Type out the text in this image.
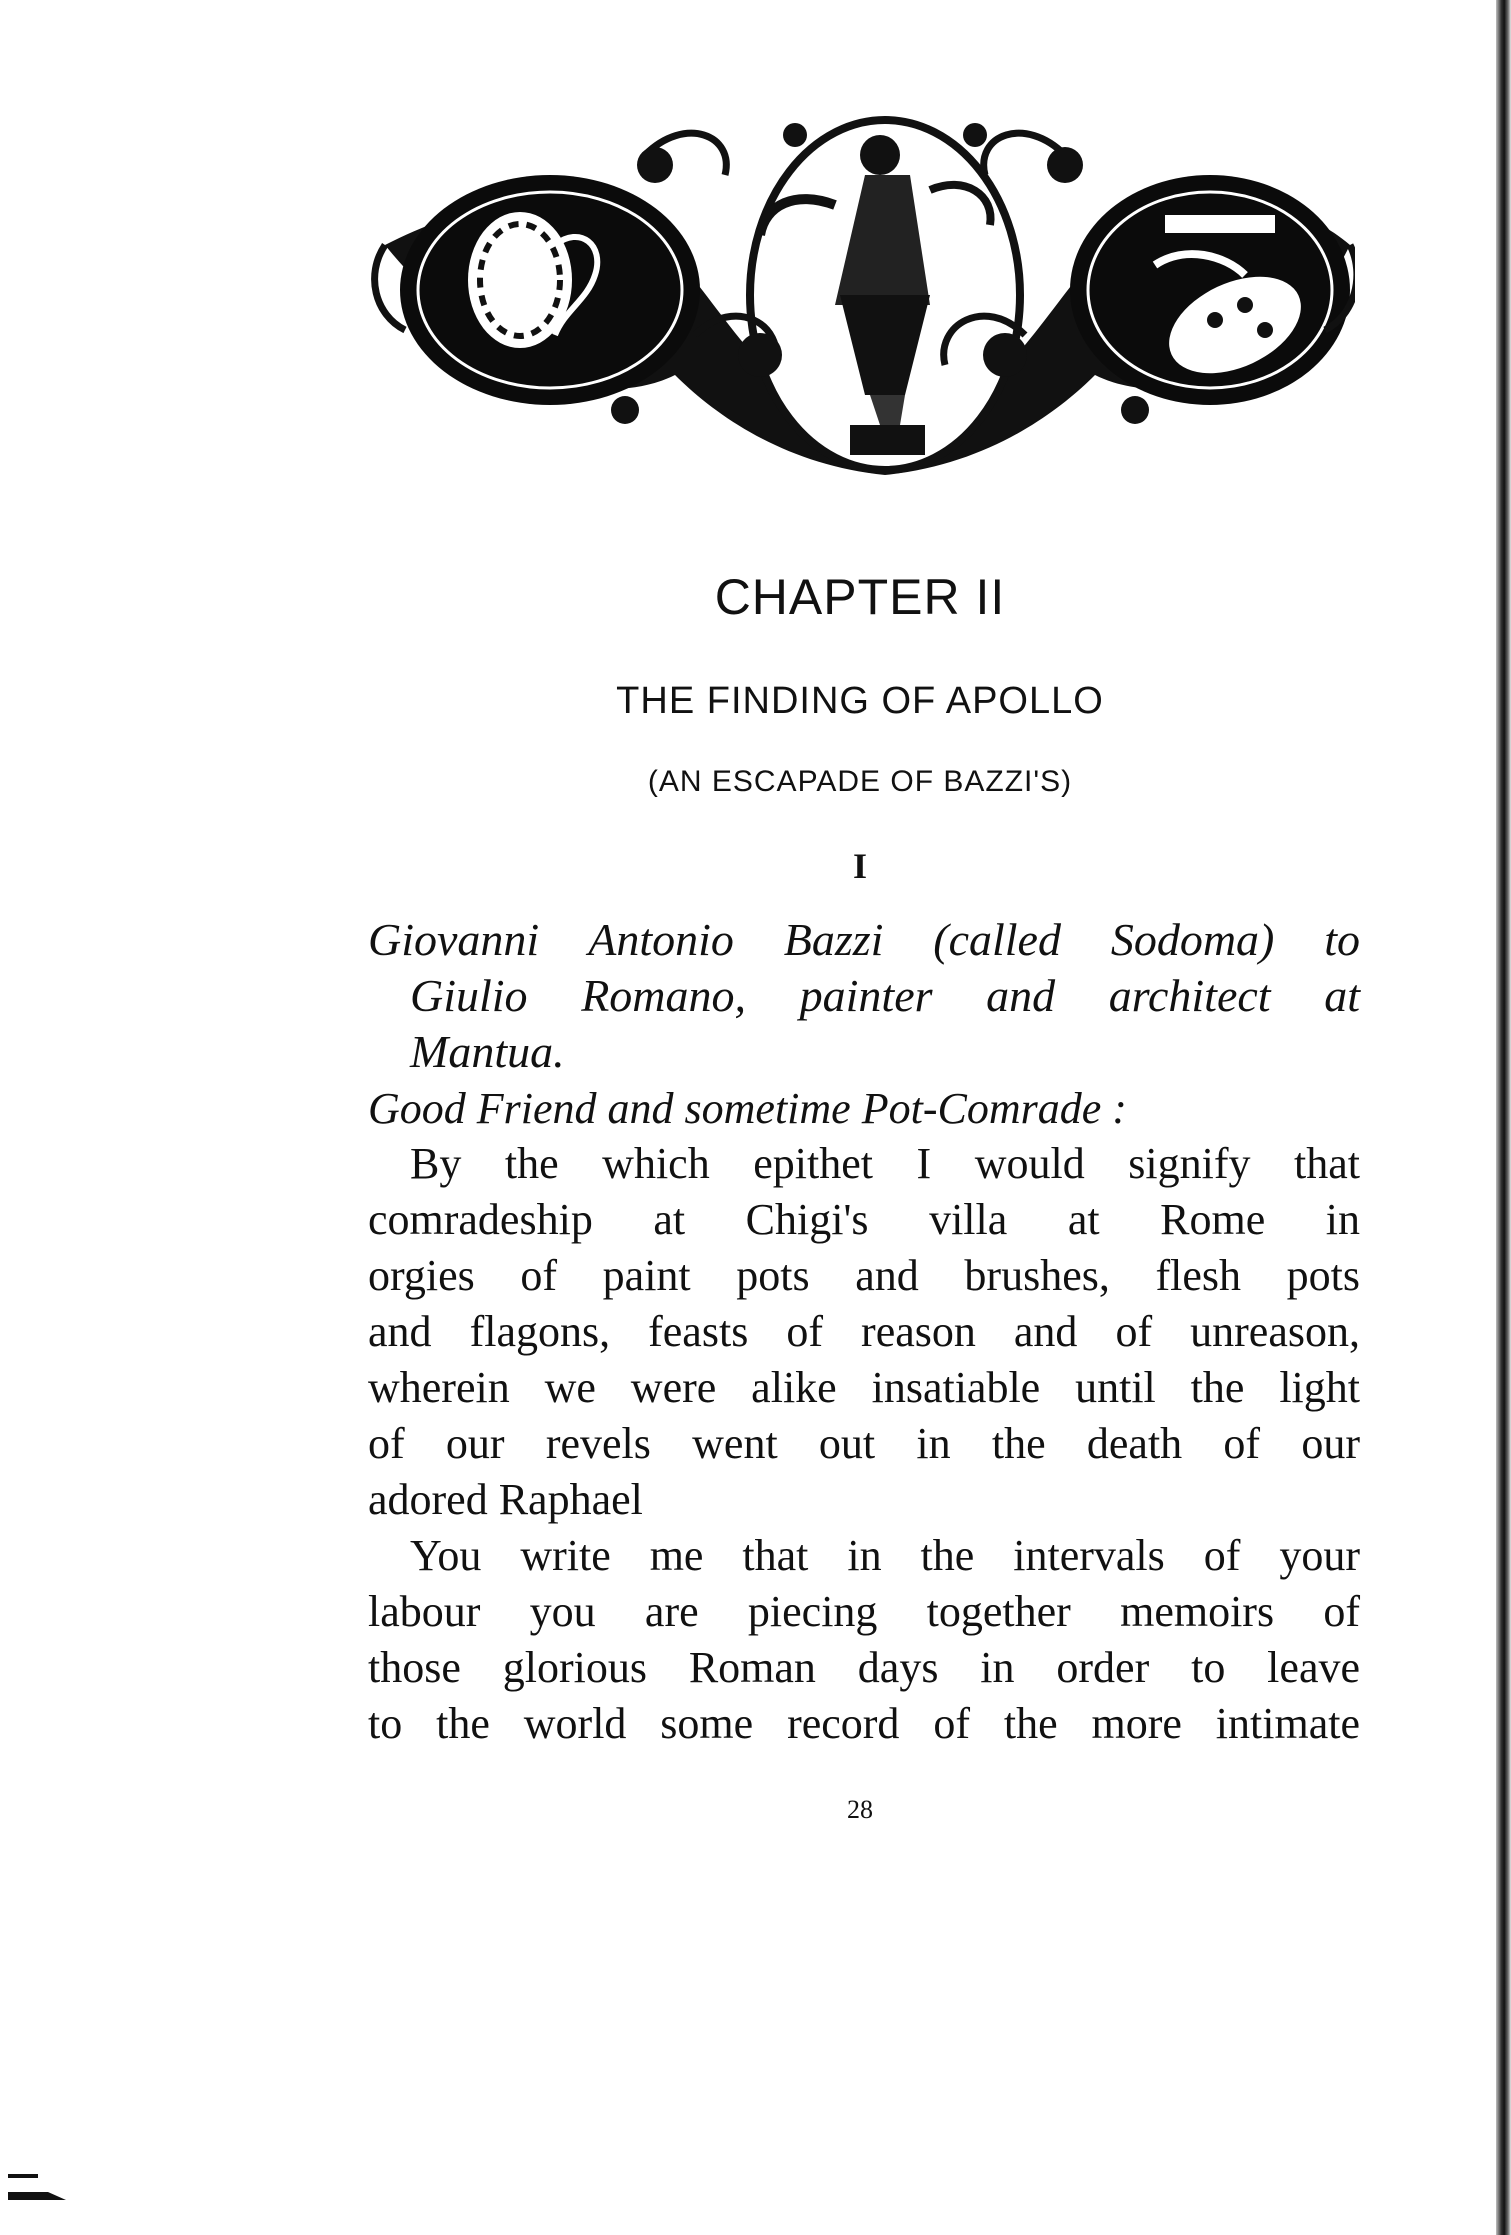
CHAPTER II
THE FINDING OF APOLLO
(AN ESCAPADE OF BAZZI'S)
I
Giovanni Antonio Bazzi (called Sodoma) to
Giulio Romano, painter and architect at
Mantua.
Good Friend and sometime Pot-Comrade :
By the which epithet I would signify that
comradeship at Chigi's villa at Rome in
orgies of paint pots and brushes, flesh pots
and flagons, feasts of reason and of unreason,
wherein we were alike insatiable until the light
of our revels went out in the death of our
adored Raphael
You write me that in the intervals of your
labour you are piecing together memoirs of
those glorious Roman days in order to leave
to the world some record of the more intimate
28
